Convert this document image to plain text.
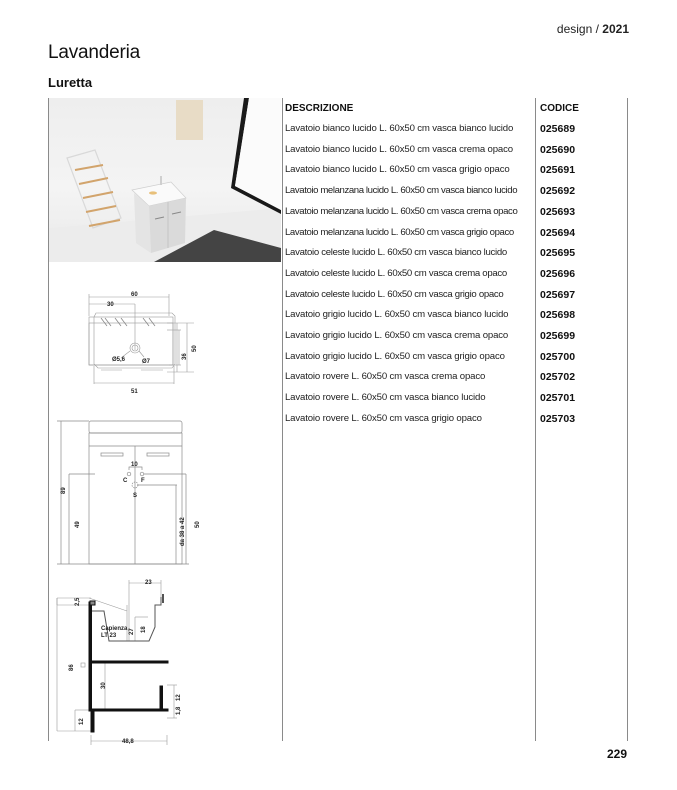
design / 2021
Lavanderia
Luretta
60
30
Ø5,6	Ø7
51
36
50
89
49
10
C F
S
da 38 a 42 50
23
2,5
27 18
Capienza
LT 23
86
30
12
12
1,8
48,8
DESCRIZIONE	CODICE
Lavatoio bianco lucido L. 60x50 cm vasca bianco lucido	025689
Lavatoio bianco lucido L. 60x50 cm vasca crema opaco	025690
Lavatoio bianco lucido L. 60x50 cm vasca grigio opaco	025691
Lavatoio melanzana lucido L. 60x50 cm vasca bianco lucido 025692
Lavatoio melanzana lucido L. 60x50 cm vasca crema opaco 025693
Lavatoio melanzana lucido L. 60x50 cm vasca grigio opaco 025694
Lavatoio celeste lucido L. 60x50 cm vasca bianco lucido	025695
Lavatoio celeste lucido L. 60x50 cm vasca crema opaco	025696
Lavatoio celeste lucido L. 60x50 cm vasca grigio opaco	025697
Lavatoio grigio lucido L. 60x50 cm vasca bianco lucido	025698
Lavatoio grigio lucido L. 60x50 cm vasca crema opaco	025699
Lavatoio grigio lucido L. 60x50 cm vasca grigio opaco	025700
Lavatoio rovere L. 60x50 cm vasca crema opaco	025702
Lavatoio rovere L. 60x50 cm vasca bianco lucido	025701
Lavatoio rovere L. 60x50 cm vasca grigio opaco	025703
229
